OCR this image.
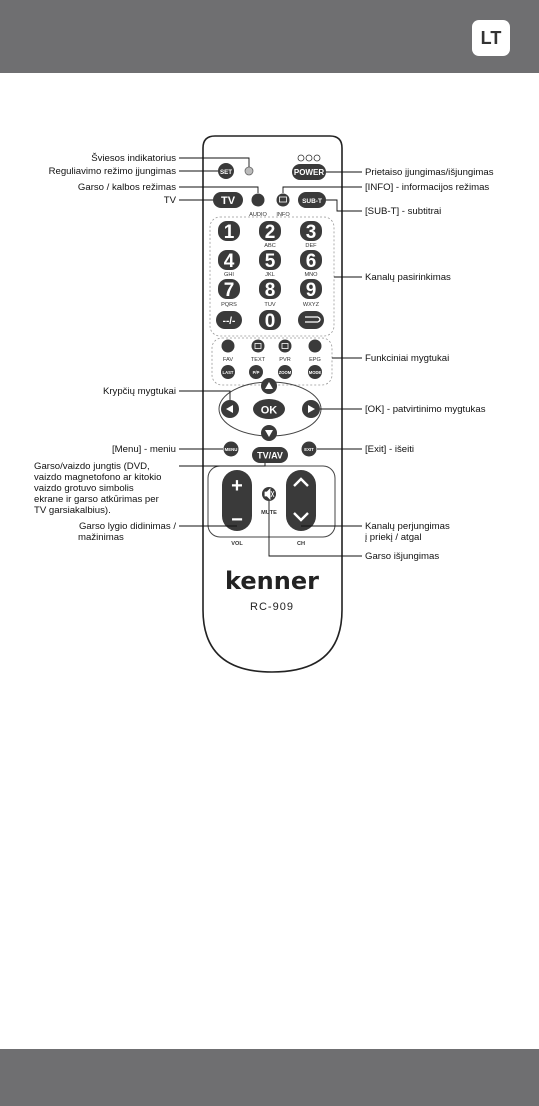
LT
SET	POWER
TV
AUDIO INFO
SUB-T
1 2 3
ABC	DEF
4 5 6
GHI	JKL	MNO
7 8 9
PQRS	TUV	WXYZ
--/- 0
FAV	TEXT	PVR	EPG
LAST	P/P	ZOOM	MODE
OK
MENU
TV/AV
EXIT
+
−	MUTE
VOL	CH
kenner
RC-909
Šviesos indikatorius
Reguliavimo režimo įjungimas
Garso / kalbos režimas
TV
Prietaiso įjungimas/išjungimas
[INFO] - informacijos režimas
[SUB-T] - subtitrai
Kanalų pasirinkimas
Funkciniai mygtukai
Krypčių mygtukai
[OK] - patvirtinimo mygtukas
[Menu] - meniu	[Exit] - išeiti
Garso/vaizdo jungtis (DVD,
vaizdo magnetofono ar kitokio
vaizdo grotuvo simbolis
ekrane ir garso atkūrimas per
TV garsiakalbius).
Garso lygio didinimas /
mažinimas
Kanalų perjungimas
į priekį / atgal
Garso išjungimas
